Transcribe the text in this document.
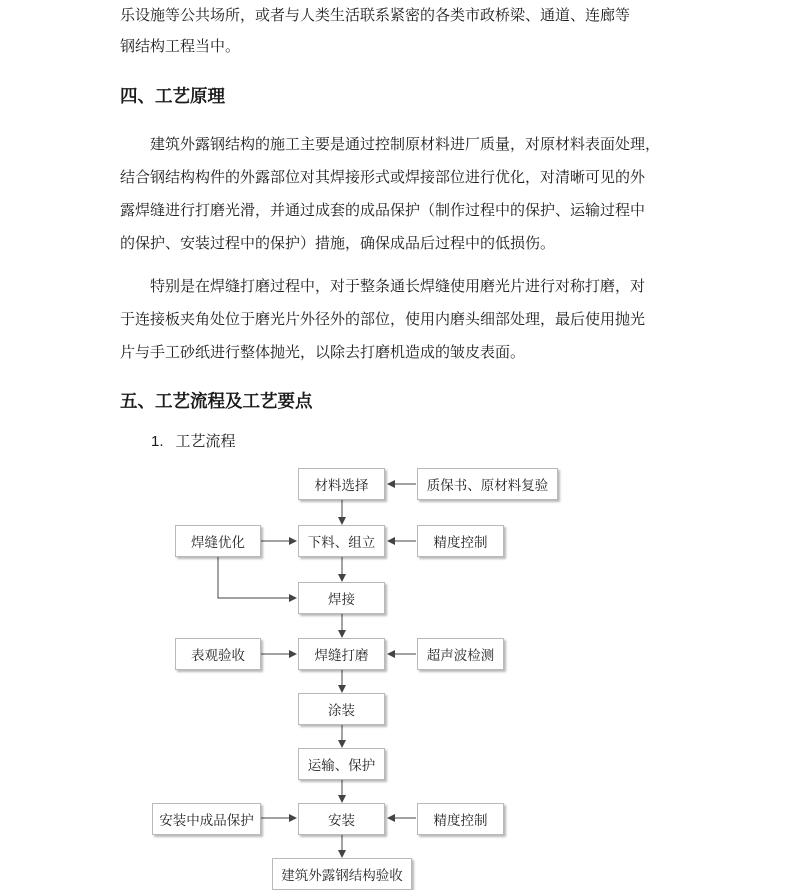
乐设施等公共场所，或者与人类生活联系紧密的各类市政桥梁、通道、连廊等

钢结构工程当中。

四、工艺原理

建筑外露钢结构的施工主要是通过控制原材料进厂质量，对原材料表面处理，

结合钢结构构件的外露部位对其焊接形式或焊接部位进行优化，对清晰可见的外

露焊缝进行打磨光滑，并通过成套的成品保护（制作过程中的保护、运输过程中

的保护、安装过程中的保护）措施，确保成品后过程中的低损伤。

特别是在焊缝打磨过程中，对于整条通长焊缝使用磨光片进行对称打磨，对

于连接板夹角处位于磨光片外径外的部位，使用内磨头细部处理，最后使用抛光

片与手工砂纸进行整体抛光，以除去打磨机造成的皱皮表面。

五、工艺流程及工艺要点
1. 工艺流程
材料选择
下料、组立
焊接
焊缝打磨
涂装
运输、保护
安装
建筑外露钢结构验收
质保书、原材料复验
精度控制
超声波检测
精度控制
焊缝优化
表观验收
安装中成品保护
